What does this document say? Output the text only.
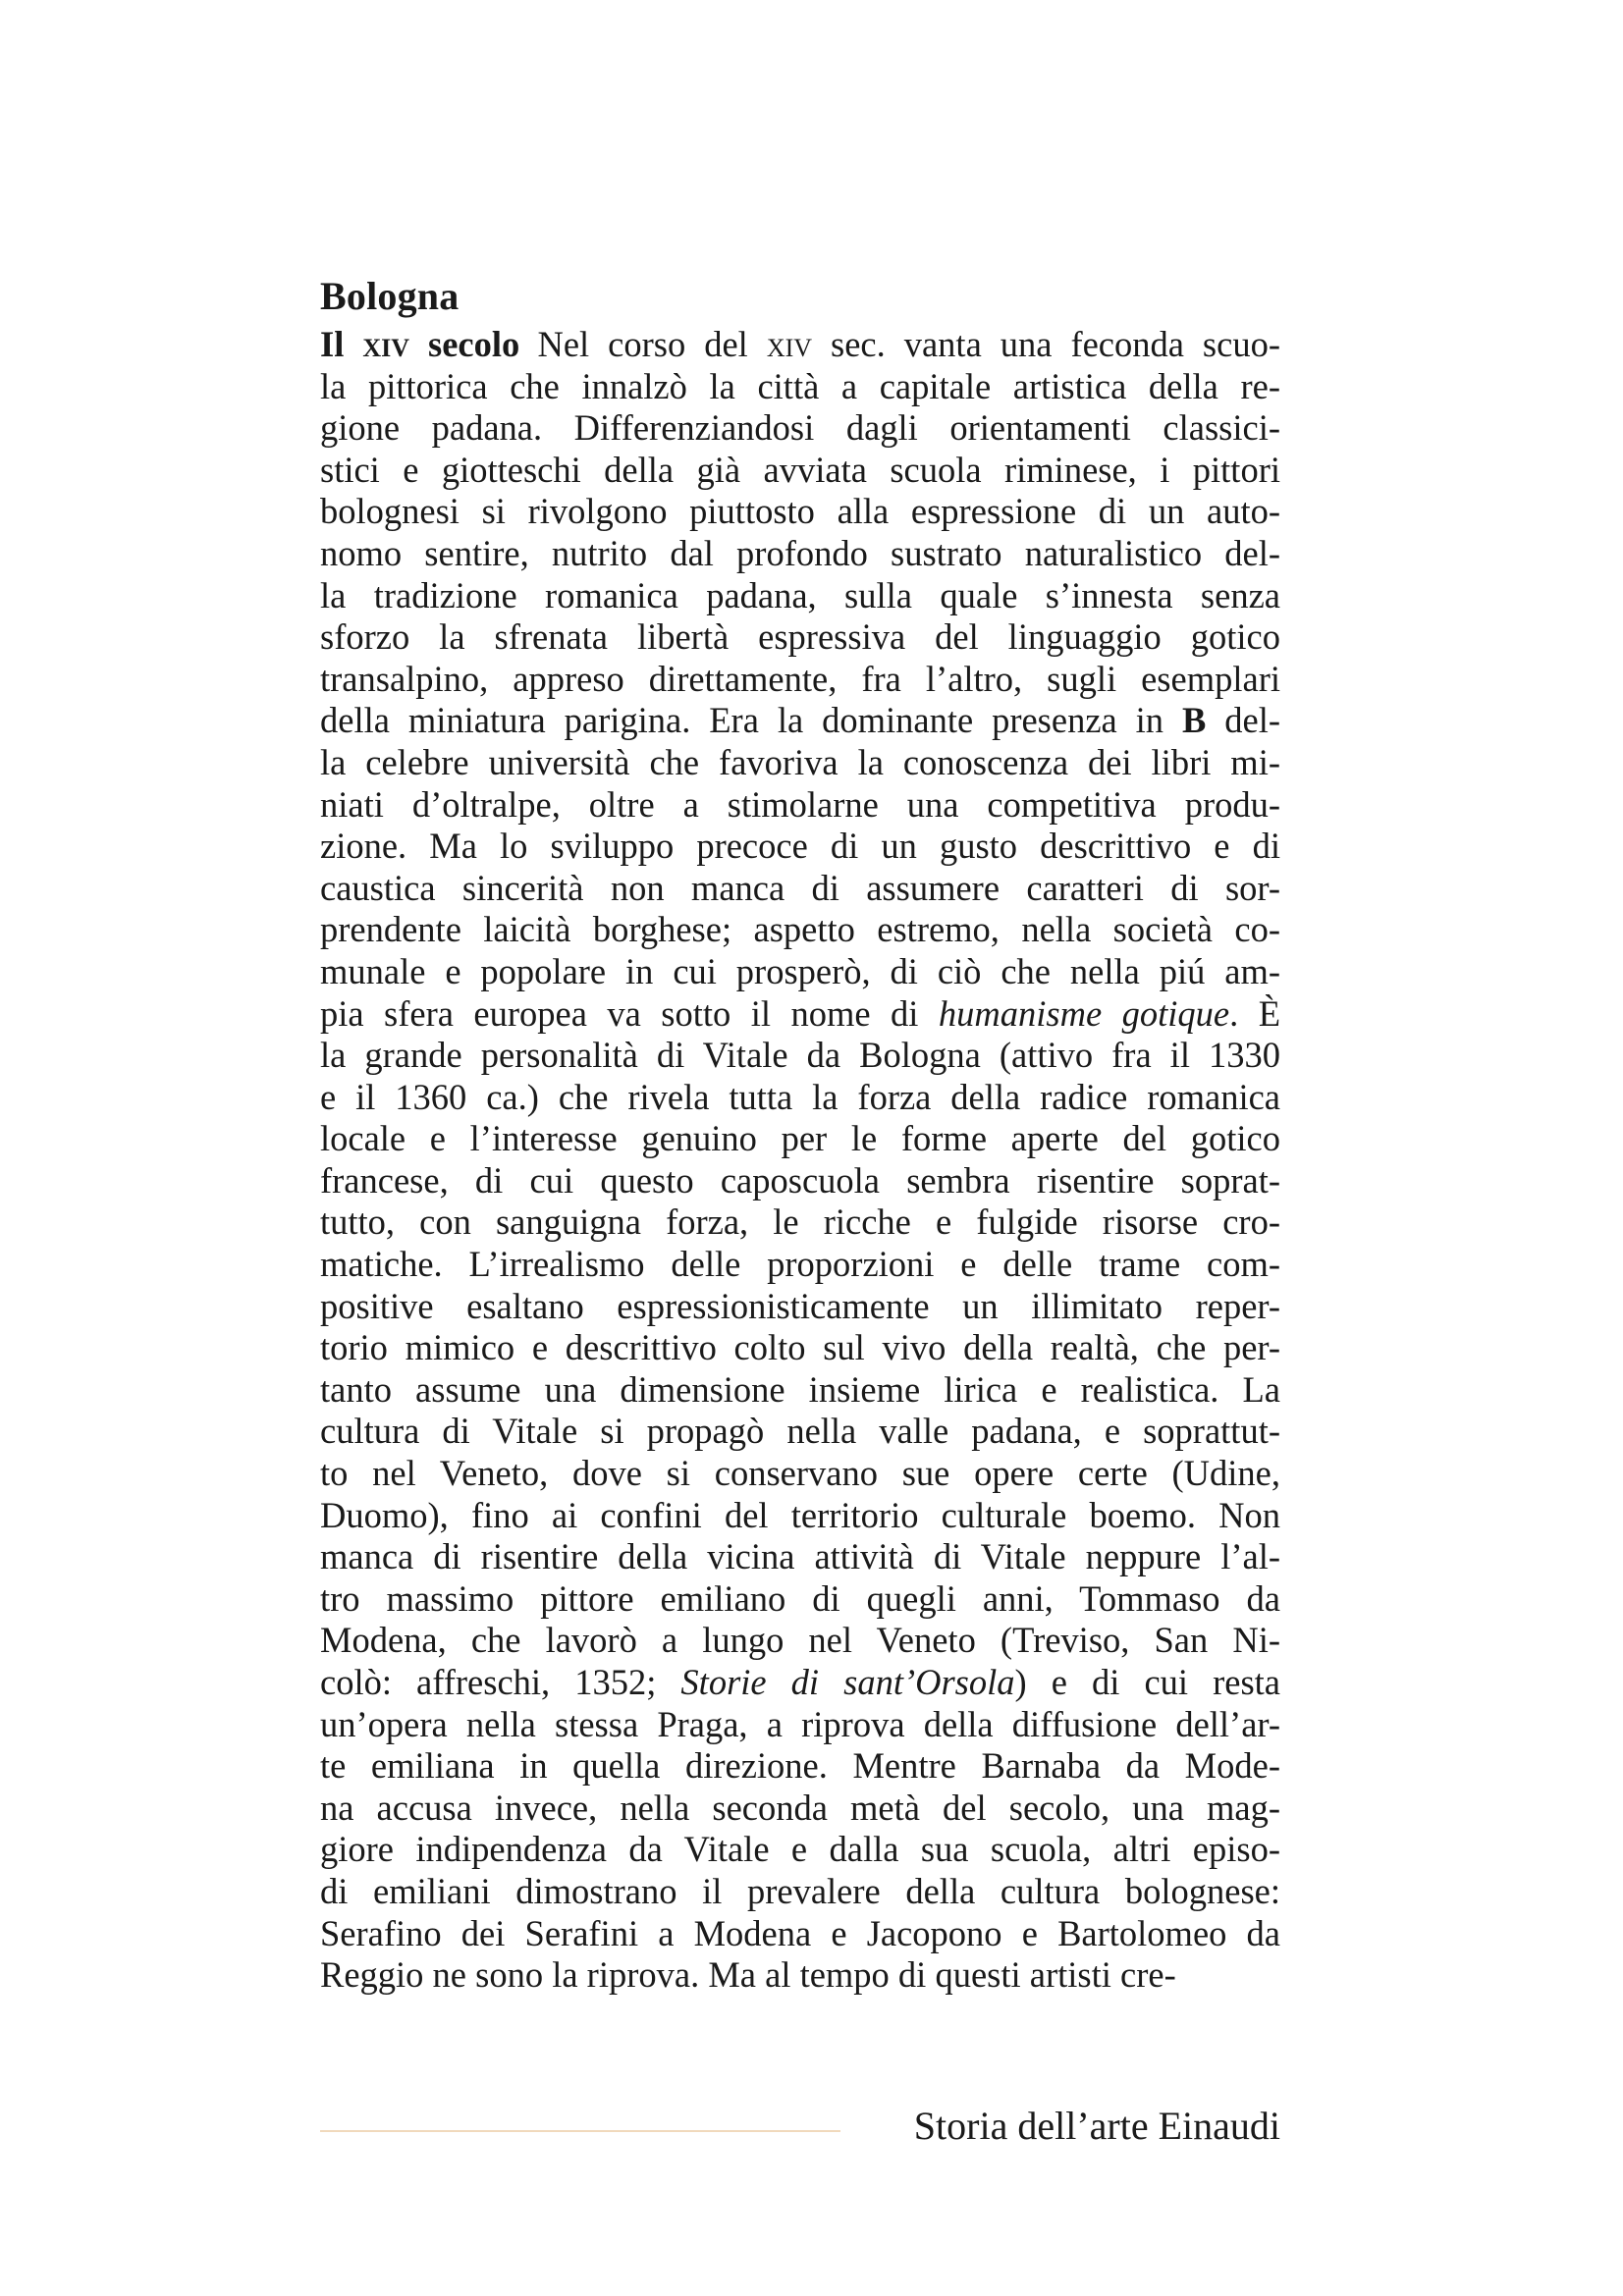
Bologna
Il xiv secolo  Nel corso del xiv sec. vanta una feconda scuo-
la pittorica che innalzò la città a capitale artistica della re-
gione padana. Differenziandosi dagli orientamenti classici-
stici e giotteschi della già avviata scuola riminese, i pittori
bolognesi si rivolgono piuttosto alla espressione di un auto-
nomo sentire, nutrito dal profondo sustrato naturalistico del-
la tradizione romanica padana, sulla quale s’innesta senza
sforzo la sfrenata libertà espressiva del linguaggio gotico
transalpino, appreso direttamente, fra l’altro, sugli esemplari
della miniatura parigina. Era la dominante presenza in B del-
la celebre università che favoriva la conoscenza dei libri mi-
niati d’oltralpe, oltre a stimolarne una competitiva produ-
zione. Ma lo sviluppo precoce di un gusto descrittivo e di
caustica sincerità non manca di assumere caratteri di sor-
prendente laicità borghese; aspetto estremo, nella società co-
munale e popolare in cui prosperò, di ciò che nella piú am-
pia sfera europea va sotto il nome di humanisme gotique. È
la grande personalità di Vitale da Bologna (attivo fra il 1330
e il 1360 ca.) che rivela tutta la forza della radice romanica
locale e l’interesse genuino per le forme aperte del gotico
francese, di cui questo caposcuola sembra risentire soprat-
tutto, con sanguigna forza, le ricche e fulgide risorse cro-
matiche. L’irrealismo delle proporzioni e delle trame com-
positive esaltano espressionisticamente un illimitato reper-
torio mimico e descrittivo colto sul vivo della realtà, che per-
tanto assume una dimensione insieme lirica e realistica. La
cultura di Vitale si propagò nella valle padana, e soprattut-
to nel Veneto, dove si conservano sue opere certe (Udine,
Duomo), fino ai confini del territorio culturale boemo. Non
manca di risentire della vicina attività di Vitale neppure l’al-
tro massimo pittore emiliano di quegli anni, Tommaso da
Modena, che lavorò a lungo nel Veneto (Treviso, San Ni-
colò: affreschi, 1352; Storie di sant’Orsola) e di cui resta
un’opera nella stessa Praga, a riprova della diffusione dell’ar-
te emiliana in quella direzione. Mentre Barnaba da Mode-
na accusa invece, nella seconda metà del secolo, una mag-
giore indipendenza da Vitale e dalla sua scuola, altri episo-
di emiliani dimostrano il prevalere della cultura bolognese:
Serafino dei Serafini a Modena e Jacopono e Bartolomeo da
Reggio ne sono la riprova. Ma al tempo di questi artisti cre-
Storia dell’arte Einaudi
